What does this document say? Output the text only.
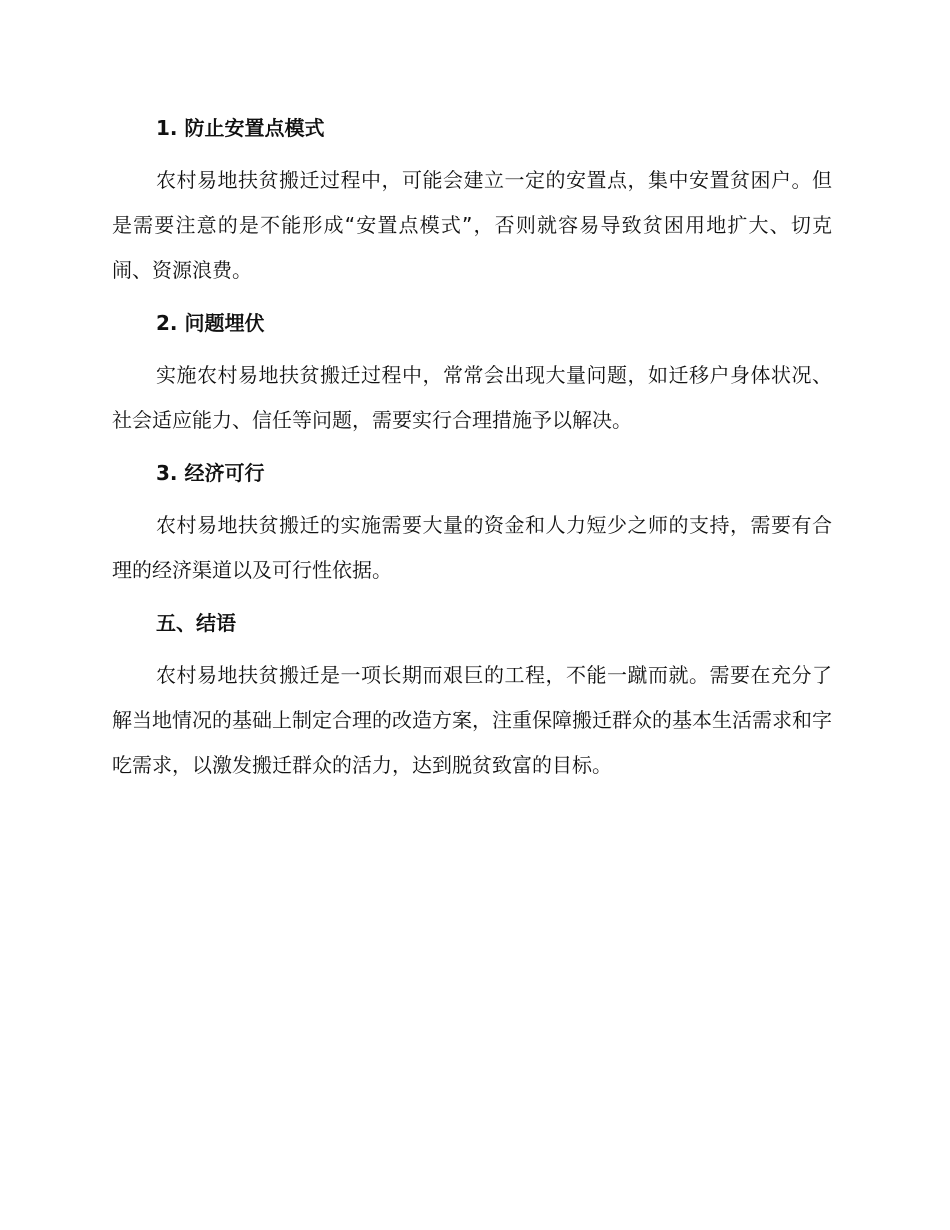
1. 防止安置点模式

农村易地扶贫搬迁过程中，可能会建立一定的安置点，集中安置贫困户。但是需要注意的是不能形成“安置点模式”，否则就容易导致贫困用地扩大、切克闹、资源浪费。

2. 问题埋伏

实施农村易地扶贫搬迁过程中，常常会出现大量问题，如迁移户身体状况、社会适应能力、信任等问题，需要实行合理措施予以解决。

3. 经济可行

农村易地扶贫搬迁的实施需要大量的资金和人力短少之师的支持，需要有合理的经济渠道以及可行性依据。

五、结语

农村易地扶贫搬迁是一项长期而艰巨的工程，不能一蹴而就。需要在充分了解当地情况的基础上制定合理的改造方案，注重保障搬迁群众的基本生活需求和字吃需求，以激发搬迁群众的活力，达到脱贫致富的目标。
